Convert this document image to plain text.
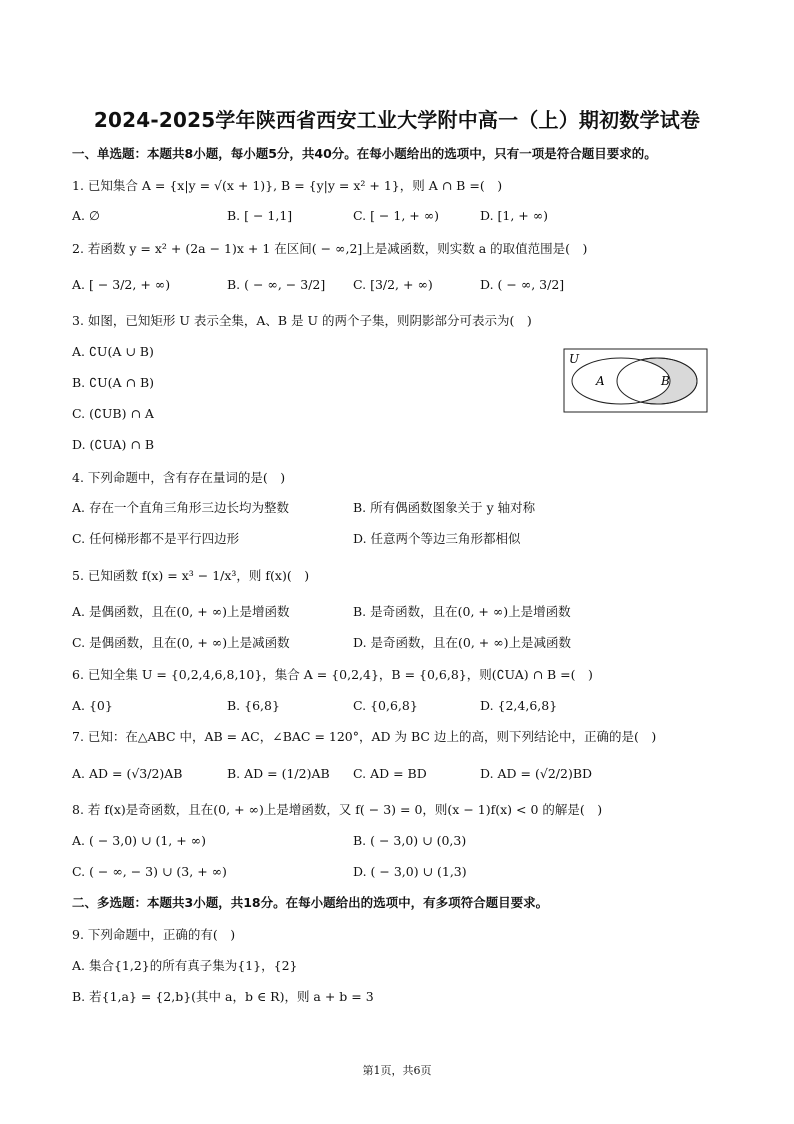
2024-2025学年陕西省西安工业大学附中高一（上）期初数学试卷
一、单选题：本题共8小题，每小题5分，共40分。在每小题给出的选项中，只有一项是符合题目要求的。
1. 已知集合 A = {x|y = √(x + 1)}, B = {y|y = x² + 1}，则 A ∩ B =(　)
A. ∅	B. [ − 1,1]	C. [ − 1, + ∞)	D. [1, + ∞)
2. 若函数 y = x² + (2a − 1)x + 1 在区间( − ∞,2]上是减函数，则实数 a 的取值范围是(　)
A. [ − 3/2, + ∞)	B. ( − ∞, − 3/2] C. [3/2, + ∞)	D. ( − ∞, 3/2]
3. 如图，已知矩形 U 表示全集，A、B 是 U 的两个子集，则阴影部分可表示为(　)
A. ∁U(A ∪ B)
B. ∁U(A ∩ B)
C. (∁UB) ∩ A
D. (∁UA) ∩ B
U
A	B
4. 下列命题中，含有存在量词的是(　)
A. 存在一个直角三角形三边长均为整数	B. 所有偶函数图象关于 y 轴对称
C. 任何梯形都不是平行四边形	D. 任意两个等边三角形都相似
5. 已知函数 f(x) = x³ − 1/x³，则 f(x)(　)
A. 是偶函数，且在(0, + ∞)上是增函数	B. 是奇函数，且在(0, + ∞)上是增函数
C. 是偶函数，且在(0, + ∞)上是减函数	D. 是奇函数，且在(0, + ∞)上是减函数
6. 已知全集 U = {0,2,4,6,8,10}，集合 A = {0,2,4}，B = {0,6,8}，则(∁UA) ∩ B =(　)
A. {0}	B. {6,8}	C. {0,6,8}	D. {2,4,6,8}
7. 已知：在△ABC 中，AB = AC，∠BAC = 120°，AD 为 BC 边上的高，则下列结论中，正确的是(　)
A. AD = (√3/2)AB	B. AD = (1/2)AB C. AD = BD	D. AD = (√2/2)BD
8. 若 f(x)是奇函数，且在(0, + ∞)上是增函数，又 f( − 3) = 0，则(x − 1)f(x) < 0 的解是(　)
A. ( − 3,0) ∪ (1, + ∞)	B. ( − 3,0) ∪ (0,3)
C. ( − ∞, − 3) ∪ (3, + ∞)	D. ( − 3,0) ∪ (1,3)
二、多选题：本题共3小题，共18分。在每小题给出的选项中，有多项符合题目要求。
9. 下列命题中，正确的有(　)
A. 集合{1,2}的所有真子集为{1}，{2}
B. 若{1,a} = {2,b}(其中 a，b ∈ R)，则 a + b = 3
第1页，共6页
